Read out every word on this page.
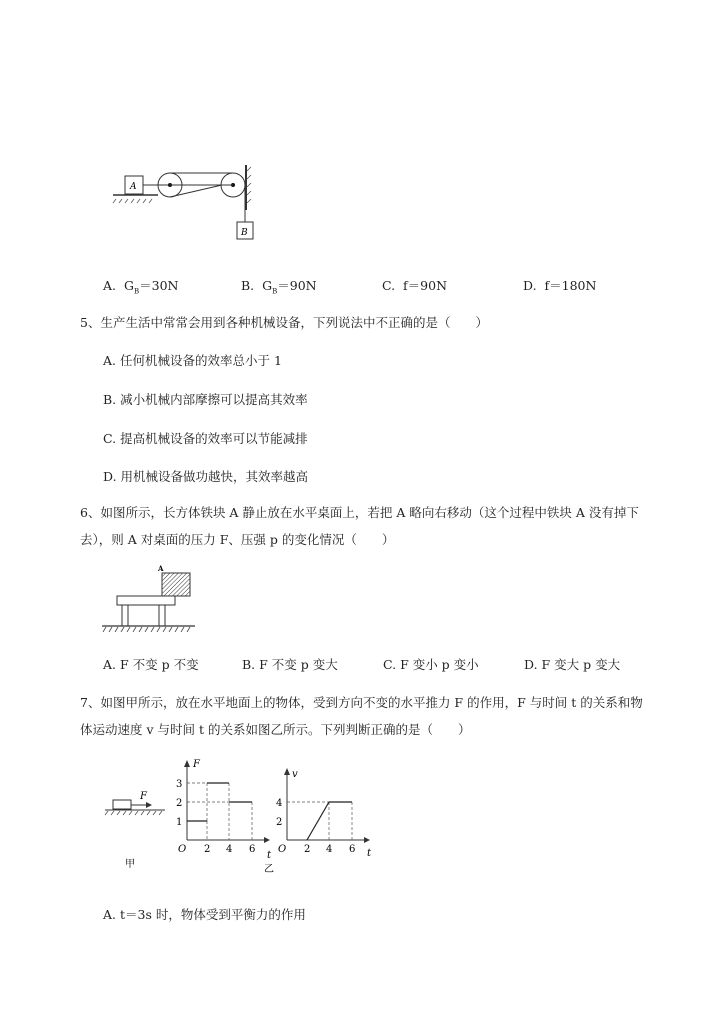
A
B
A. $G_B=30N$	B. $G_B=90N$	C. f＝90N	D. f＝180N
5、生产生活中常常会用到各种机械设备，下列说法中不正确的是（　　）
A. 任何机械设备的效率总小于 1
B. 减小机械内部摩擦可以提高其效率
C. 提高机械设备的效率可以节能减排
D. 用机械设备做功越快，其效率越高
6、如图所示，长方体铁块 A 静止放在水平桌面上，若把 A 略向右移动（这个过程中铁块 A 没有掉下
去），则 A 对桌面的压力 F、压强 p 的变化情况（　　）
A
A. F 不变 p 不变	B. F 不变 p 变大	C. F 变小 p 变小	D. F 变大 p 变大
7、如图甲所示，放在水平地面上的物体，受到方向不变的水平推力 F 的作用，F 与时间 t 的关系和物
体运动速度 v 与时间 t 的关系如图乙所示。下列判断正确的是（　　）
F
甲
F
1
2
3
O 2 4 6
t
乙
v
2
4
O 2 4 6 t
A. t＝3s 时，物体受到平衡力的作用
